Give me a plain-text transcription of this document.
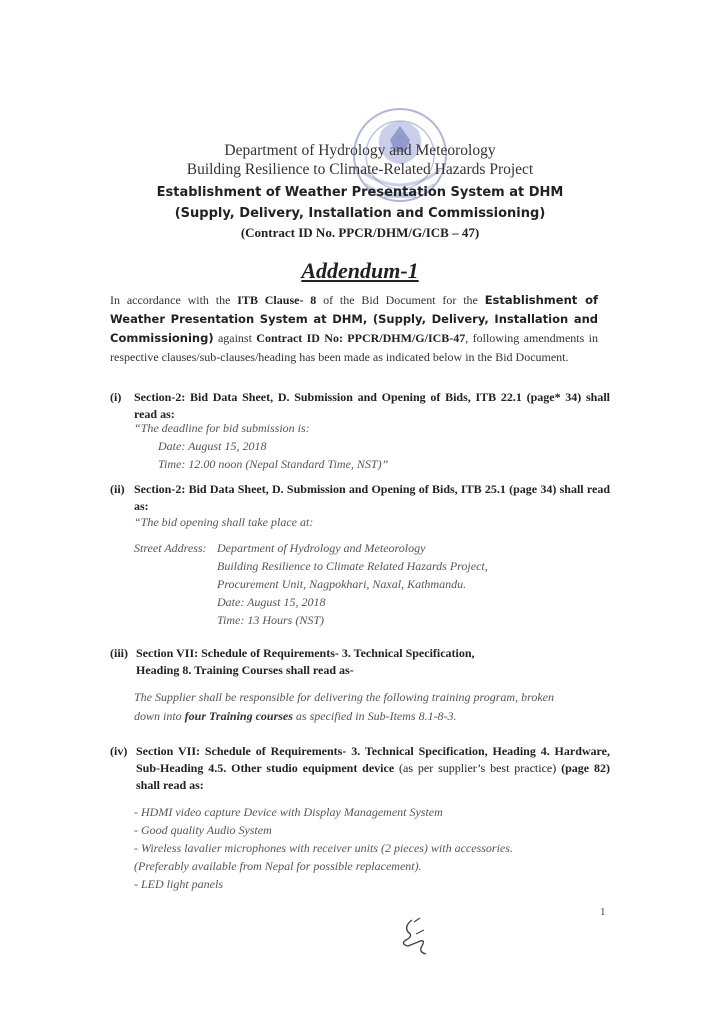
Department of Hydrology and Meteorology
Building Resilience to Climate-Related Hazards Project
Establishment of Weather Presentation System at DHM
(Supply, Delivery, Installation and Commissioning)
(Contract ID No. PPCR/DHM/G/ICB – 47)
Addendum-1
In accordance with the ITB Clause- 8 of the Bid Document for the Establishment of Weather Presentation System at DHM, (Supply, Delivery, Installation and Commissioning) against Contract ID No: PPCR/DHM/G/ICB-47, following amendments in respective clauses/sub-clauses/heading has been made as indicated below in the Bid Document.
(i) Section-2: Bid Data Sheet, D. Submission and Opening of Bids, ITB 22.1 (page* 34) shall read as:
“The deadline for bid submission is:
Date: August 15, 2018
Time: 12.00 noon (Nepal Standard Time, NST)”
(ii) Section-2: Bid Data Sheet, D. Submission and Opening of Bids, ITB 25.1 (page 34) shall read as:
“The bid opening shall take place at:
Street Address: Department of Hydrology and Meteorology
Building Resilience to Climate Related Hazards Project,
Procurement Unit, Nagpokhari, Naxal, Kathmandu.
Date: August 15, 2018
Time: 13 Hours (NST)
(iii) Section VII: Schedule of Requirements- 3. Technical Specification,
Heading 8. Training Courses shall read as-
The Supplier shall be responsible for delivering the following training program, broken
down into four Training courses as specified in Sub-Items 8.1-8-3.
(iv) Section VII: Schedule of Requirements- 3. Technical Specification, Heading 4. Hardware, Sub-Heading 4.5. Other studio equipment device (as per supplier’s best practice) (page 82) shall read as:
- HDMI video capture Device with Display Management System
- Good quality Audio System
- Wireless lavalier microphones with receiver units (2 pieces) with accessories.
(Preferably available from Nepal for possible replacement).
- LED light panels
1
